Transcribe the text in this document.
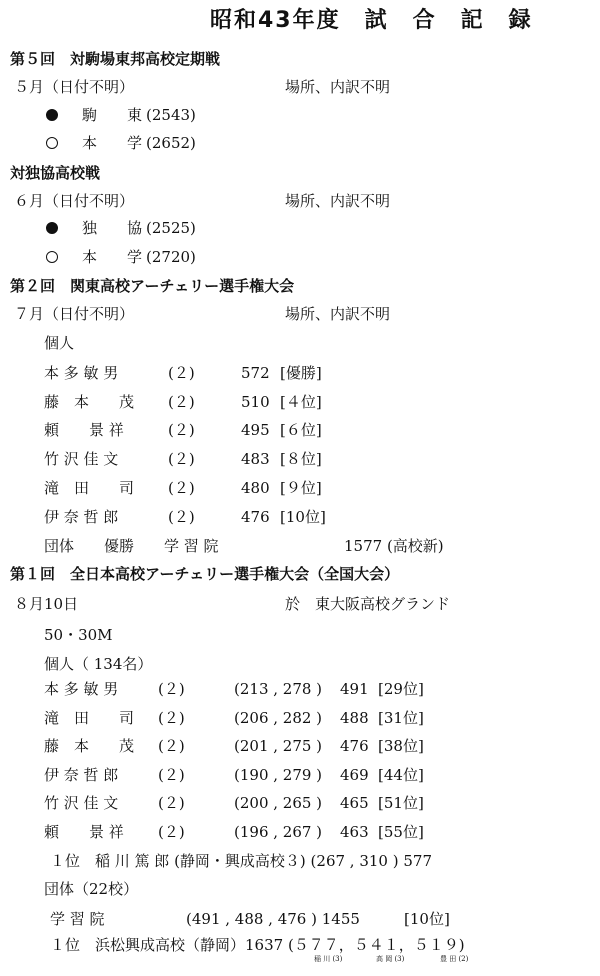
昭和43年度　試　合　記　録
第５回　対駒場東邦高校定期戦
５月（日付不明）	場所、内訳不明
駒　　東 (2543)
本　　学 (2652)
対独協高校戦
６月（日付不明）	場所、内訳不明
独　　協 (2525)
本　　学 (2720)
第２回　関東高校アーチェリー選手権大会
７月（日付不明）	場所、内訳不明
個人
本 多 敏 男	(２)	572 [優勝]
藤　本　　茂 (２)	510 [４位]
頼　　景 祥	(２)	495 [６位]
竹 沢 佳 文	(２)	483 [８位]
滝　田　　司 (２)	480 [９位]
伊 奈 哲 郎	(２)	476 [10位]
団体　　優勝　　学 習 院	1577 (高校新)
第１回　全日本高校アーチェリー選手権大会（全国大会）
８月10日	於　東大阪高校グランド
50・30M
個人（ 134名）
本 多 敏 男	(２)	(213 , 278 ) 491 [29位]
滝　田　　司 (２)	(206 , 282 ) 488 [31位]
藤　本　　茂 (２)	(201 , 275 ) 476 [38位]
伊 奈 哲 郎	(２)	(190 , 279 ) 469 [44位]
竹 沢 佳 文	(２)	(200 , 265 ) 465 [51位]
頼　　景 祥 (２)	(196 , 267 ) 463 [55位]
１位　稲 川 篤 郎 (静岡・興成高校３) (267 , 310 ) 577
団体（22校）
学 習 院	(491 , 488 , 476 ) 1455	[10位]
１位　浜松興成高校（静岡）1637 (５７７，５４１，５１９)
稲 川 (3)	高 岡 (3)	豊 田 (2)
